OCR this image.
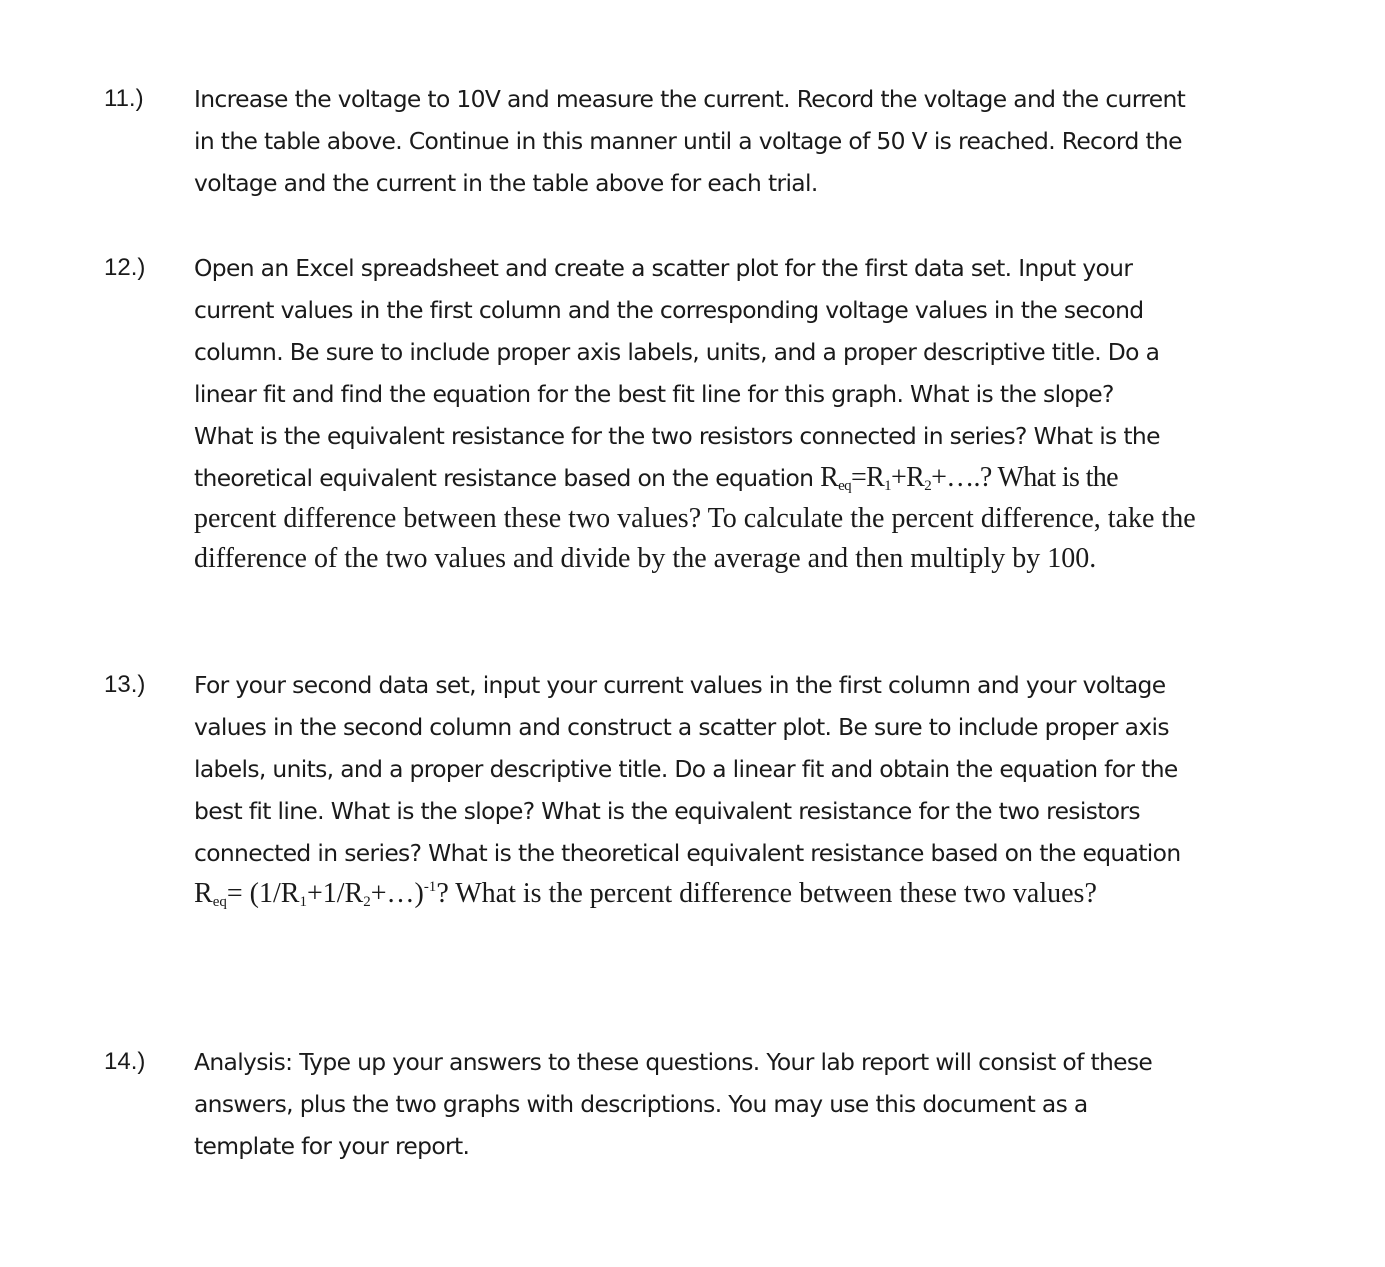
11.) Increase the voltage to 10V and measure the current. Record the voltage and the current
in the table above. Continue in this manner until a voltage of 50 V is reached. Record the
voltage and the current in the table above for each trial.
12.) Open an Excel spreadsheet and create a scatter plot for the first data set. Input your
current values in the first column and the corresponding voltage values in the second
column. Be sure to include proper axis labels, units, and a proper descriptive title. Do a
linear fit and find the equation for the best fit line for this graph. What is the slope?
What is the equivalent resistance for the two resistors connected in series? What is the
theoretical equivalent resistance based on the equation $R_{eq}=R_1+R_2+\dots$.? What is the
percent difference between these two values? To calculate the percent difference, take the
difference of the two values and divide by the average and then multiply by 100.
13.) For your second data set, input your current values in the first column and your voltage
values in the second column and construct a scatter plot. Be sure to include proper axis
labels, units, and a proper descriptive title. Do a linear fit and obtain the equation for the
best fit line. What is the slope? What is the equivalent resistance for the two resistors
connected in series? What is the theoretical equivalent resistance based on the equation
$R_{eq}=$ $(1/R_1+1/R_2+\dots)^{-1}$? What is the percent difference between these two values?
14.) Analysis: Type up your answers to these questions. Your lab report will consist of these
answers, plus the two graphs with descriptions. You may use this document as a
template for your report.
